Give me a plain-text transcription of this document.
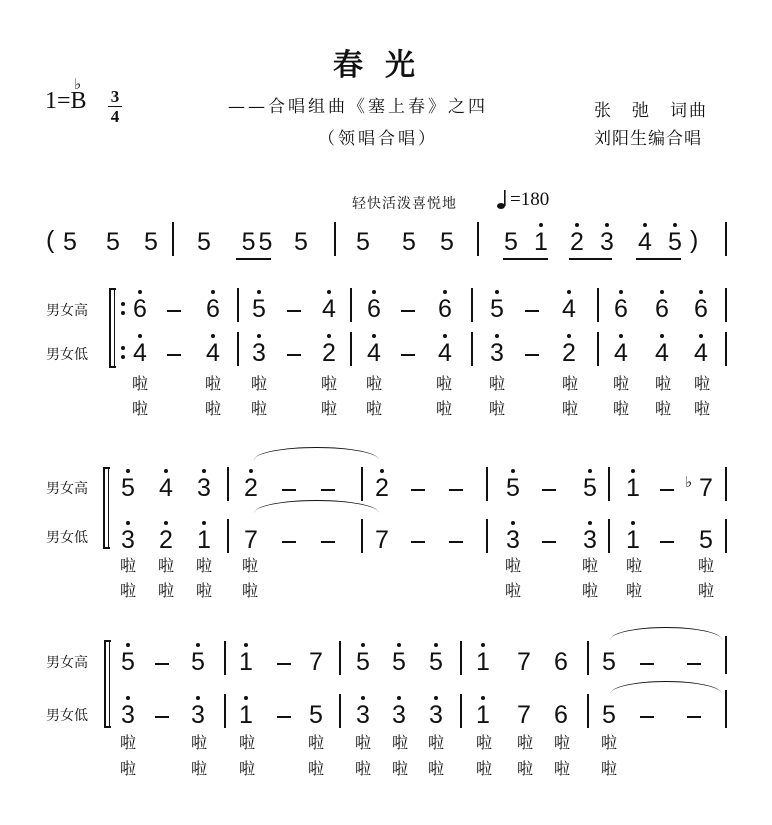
春光
——合唱组曲《塞上春》之四
（领唱合唱）
张　弛　词曲
刘阳生编合唱
1=B
♭
3
4
轻快活泼喜悦地	=180
( 5 5 5 5 5 5 5 5 5 5 5 1 2 3 4 5 )
男女高
男女低
6 6 5 4 6 6 5 4 6 6 6
4 4 3 2 4 4 3 2 4 4 4
啦	啦 啦	啦 啦	啦 啦	啦 啦 啦 啦
啦	啦 啦	啦 啦	啦 啦	啦 啦 啦 啦
男女高
男女低
5 4 3 2	2	5	5 1	♭ 7
3 2 1 7	7	3	3 1 5
啦 啦 啦 啦	啦	啦 啦	啦
啦 啦 啦 啦	啦	啦 啦	啦
男女高
男女低
5 5 1 7 5 5 5 1 7 6 5
3 3 1 5 3 3 3 1 7 6 5
啦	啦 啦	啦 啦 啦 啦 啦 啦 啦 啦
啦	啦 啦	啦 啦 啦 啦 啦 啦 啦 啦
